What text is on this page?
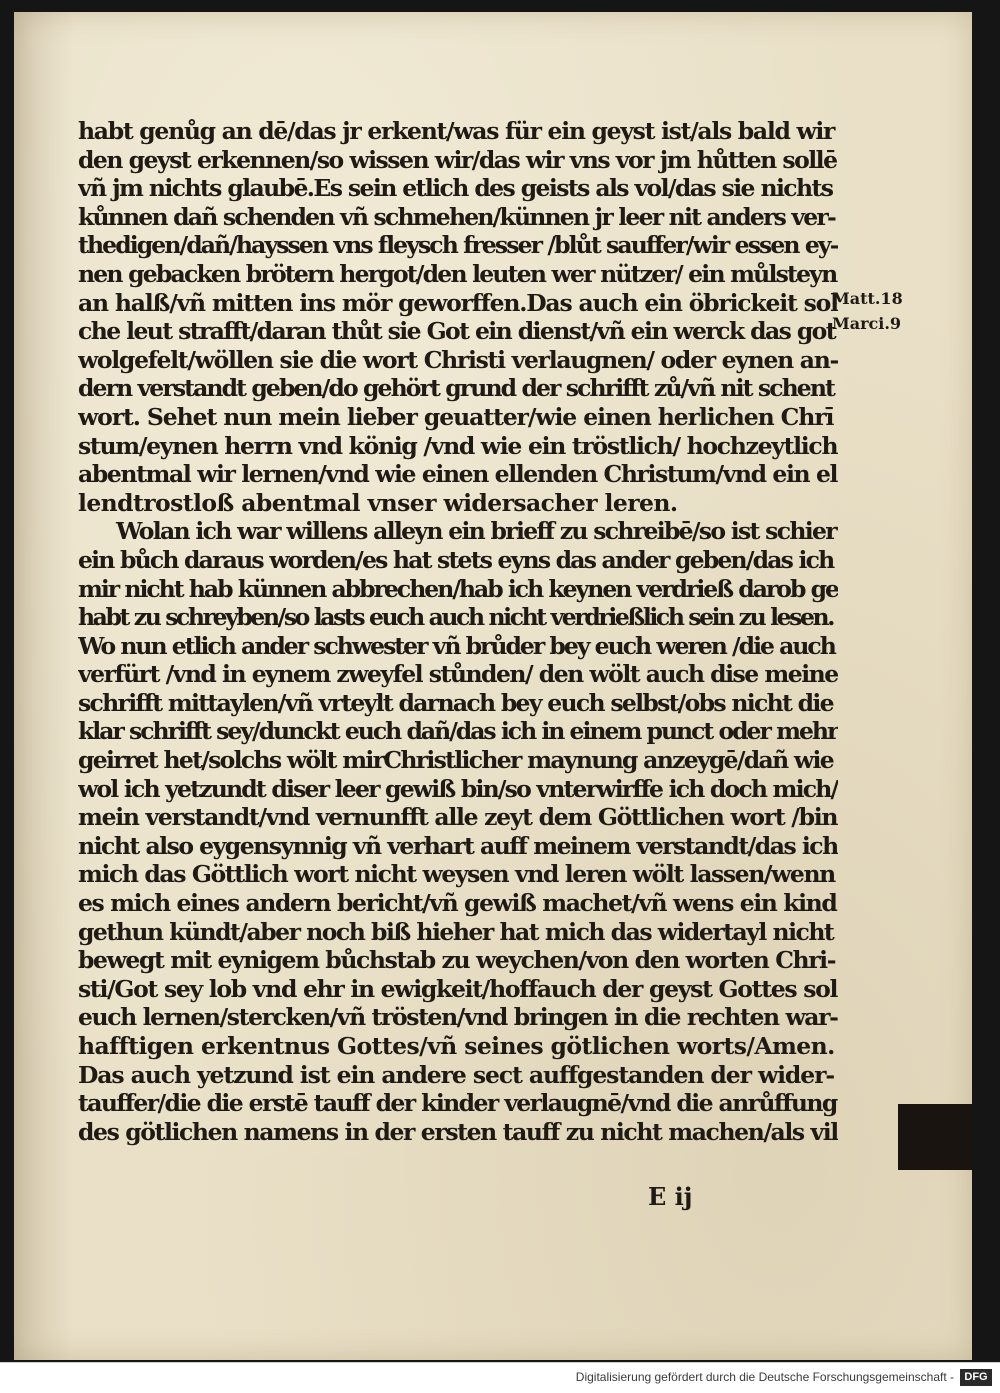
habt genůg an dē/das jr erkent/was für ein geyst ist/als bald wir
den geyst erkennen/so wissen wir/das wir vns vor jm hůtten sollē
vñ jm nichts glaubē.Es sein etlich des geists als vol/das sie nichts
kůnnen dañ schenden vñ schmehen/künnen jr leer nit anders ver-
thedigen/dañ/hayssen vns fleysch fresser /blůt sauffer/wir essen ey-
nen gebacken brötern hergot/den leuten wer nützer/ ein můlsteyn
an halß/vñ mitten ins mör geworffen.Das auch ein öbrickeit sol
che leut strafft/daran thůt sie Got ein dienst/vñ ein werck das got
wolgefelt/wöllen sie die wort Christi verlaugnen/ oder eynen an-
dern verstandt geben/do gehört grund der schrifft zů/vñ nit schent
wort. Sehet nun mein lieber geuatter/wie einen herlichen Chrī
stum/eynen herrn vnd könig /vnd wie ein tröstlich/ hochzeytlich
abentmal wir lernen/vnd wie einen ellenden Christum/vnd ein el
lendtrostloß abentmal vnser widersacher leren.
Wolan ich war willens alleyn ein brieff zu schreibē/so ist schier
ein bůch daraus worden/es hat stets eyns das ander geben/das ich
mir nicht hab künnen abbrechen/hab ich keynen verdrieß darob ge
habt zu schreyben/so lasts euch auch nicht verdrießlich sein zu lesen.
Wo nun etlich ander schwester vñ brůder bey euch weren /die auch
verfürt /vnd in eynem zweyfel stůnden/ den wölt auch dise meine
schrifft mittaylen/vñ vrteylt darnach bey euch selbst/obs nicht die
klar schrifft sey/dunckt euch dañ/das ich in einem punct oder mehr
geirret het/solchs wölt mirChristlicher maynung anzeygē/dañ wie
wol ich yetzundt diser leer gewiß bin/so vnterwirffe ich doch mich/
mein verstandt/vnd vernunfft alle zeyt dem Göttlichen wort /bin
nicht also eygensynnig vñ verhart auff meinem verstandt/das ich
mich das Göttlich wort nicht weysen vnd leren wölt lassen/wenn
es mich eines andern bericht/vñ gewiß machet/vñ wens ein kind
gethun kündt/aber noch biß hieher hat mich das widertayl nicht
bewegt mit eynigem bůchstab zu weychen/von den worten Chri-
sti/Got sey lob vnd ehr in ewigkeit/hoffauch der geyst Gottes sol
euch lernen/stercken/vñ trösten/vnd bringen in die rechten war-
hafftigen erkentnus Gottes/vñ seines götlichen worts/Amen.
Das auch yetzund ist ein andere sect auffgestanden der wider-
tauffer/die die erstē tauff der kinder verlaugnē/vnd die anrůffung
des götlichen namens in der ersten tauff zu nicht machen/als vil
Matt.18
Marci.9
E ij
Digitalisierung gefördert durch die Deutsche Forschungsgemeinschaft - DFG
